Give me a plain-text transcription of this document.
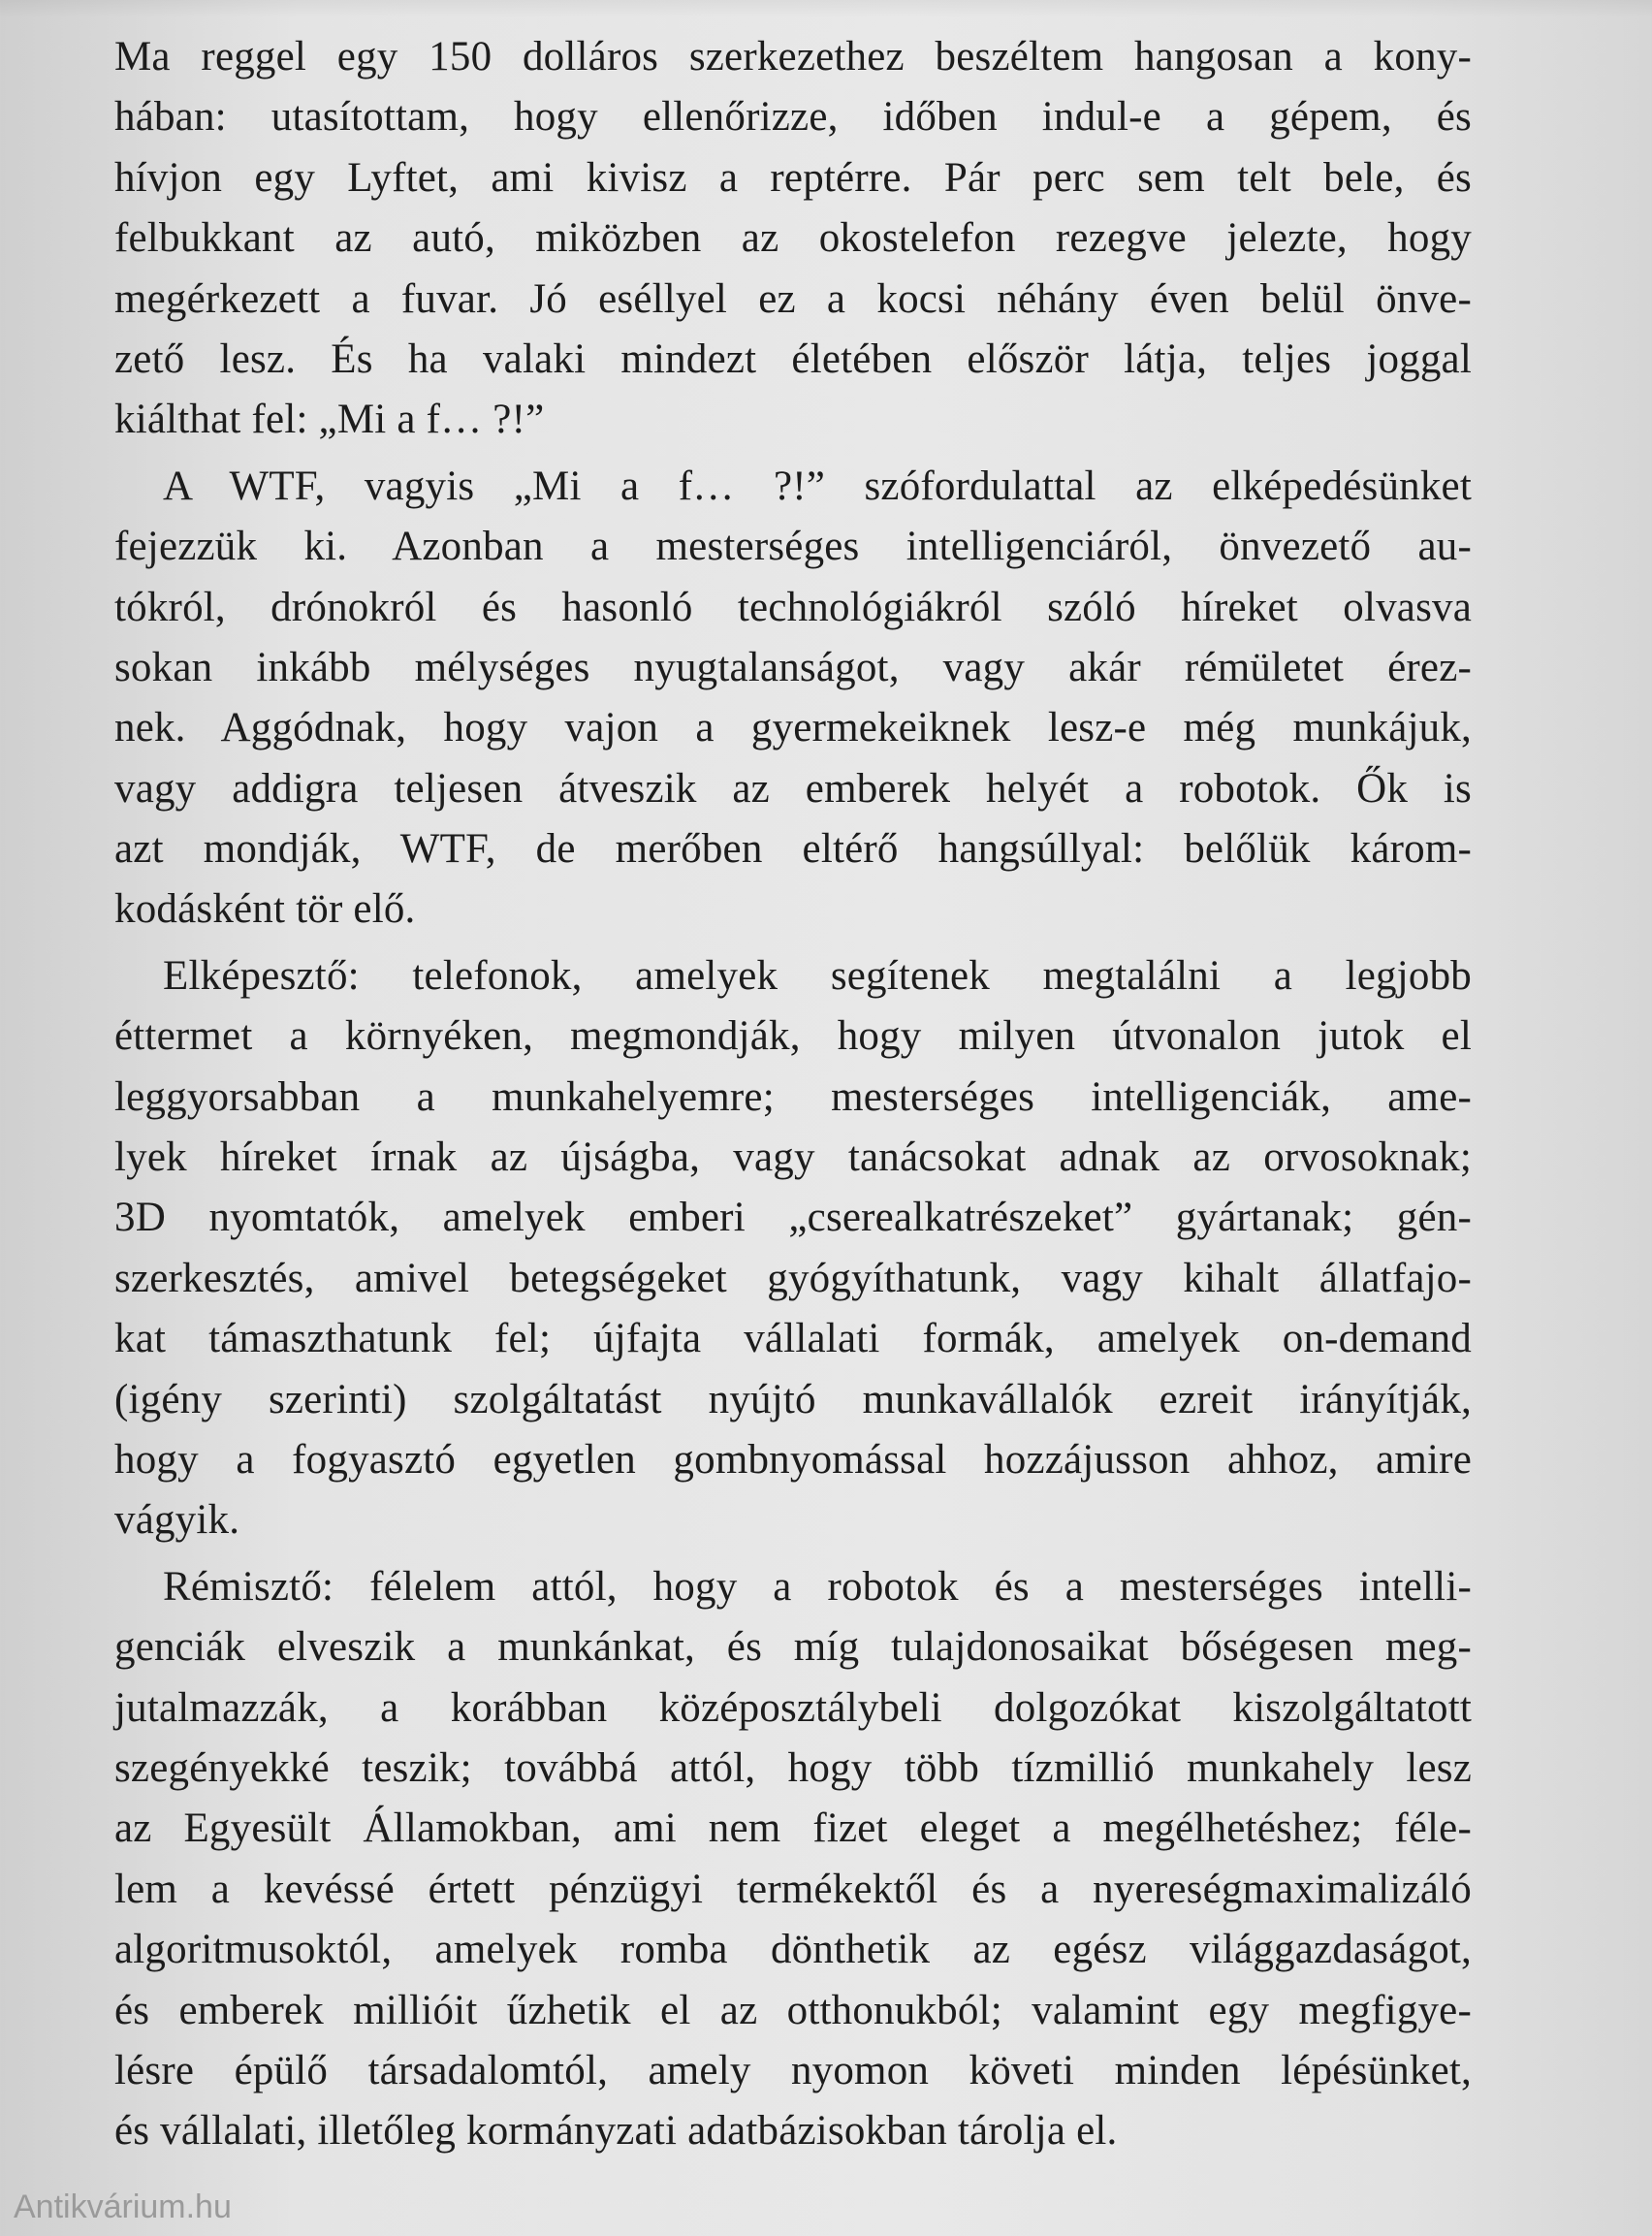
Ma reggel egy 150 dolláros szerkezethez beszéltem hangosan a kony-
hában: utasítottam, hogy ellenőrizze, időben indul-e a gépem, és
hívjon egy Lyftet, ami kivisz a reptérre. Pár perc sem telt bele, és
felbukkant az autó, miközben az okostelefon rezegve jelezte, hogy
megérkezett a fuvar. Jó eséllyel ez a kocsi néhány éven belül önve-
zető lesz. És ha valaki mindezt életében először látja, teljes joggal
kiálthat fel: „Mi a f… ?!”
A WTF, vagyis „Mi a f… ?!” szófordulattal az elképedésünket
fejezzük ki. Azonban a mesterséges intelligenciáról, önvezető au-
tókról, drónokról és hasonló technológiákról szóló híreket olvasva
sokan inkább mélységes nyugtalanságot, vagy akár rémületet érez-
nek. Aggódnak, hogy vajon a gyermekeiknek lesz-e még munkájuk,
vagy addigra teljesen átveszik az emberek helyét a robotok. Ők is
azt mondják, WTF, de merőben eltérő hangsúllyal: belőlük károm-
kodásként tör elő.
Elképesztő: telefonok, amelyek segítenek megtalálni a legjobb
éttermet a környéken, megmondják, hogy milyen útvonalon jutok el
leggyorsabban a munkahelyemre; mesterséges intelligenciák, ame-
lyek híreket írnak az újságba, vagy tanácsokat adnak az orvosoknak;
3D nyomtatók, amelyek emberi „cserealkatrészeket” gyártanak; gén-
szerkesztés, amivel betegségeket gyógyíthatunk, vagy kihalt állatfajo-
kat támaszthatunk fel; újfajta vállalati formák, amelyek on-demand
(igény szerinti) szolgáltatást nyújtó munkavállalók ezreit irányítják,
hogy a fogyasztó egyetlen gombnyomással hozzájusson ahhoz, amire
vágyik.
Rémisztő: félelem attól, hogy a robotok és a mesterséges intelli-
genciák elveszik a munkánkat, és míg tulajdonosaikat bőségesen meg-
jutalmazzák, a korábban középosztálybeli dolgozókat kiszolgáltatott
szegényekké teszik; továbbá attól, hogy több tízmillió munkahely lesz
az Egyesült Államokban, ami nem fizet eleget a megélhetéshez; féle-
lem a kevéssé értett pénzügyi termékektől és a nyereségmaximalizáló
algoritmusoktól, amelyek romba dönthetik az egész világgazdaságot,
és emberek millióit űzhetik el az otthonukból; valamint egy megfigye-
lésre épülő társadalomtól, amely nyomon követi minden lépésünket,
és vállalati, illetőleg kormányzati adatbázisokban tárolja el.
Antikvárium.hu
